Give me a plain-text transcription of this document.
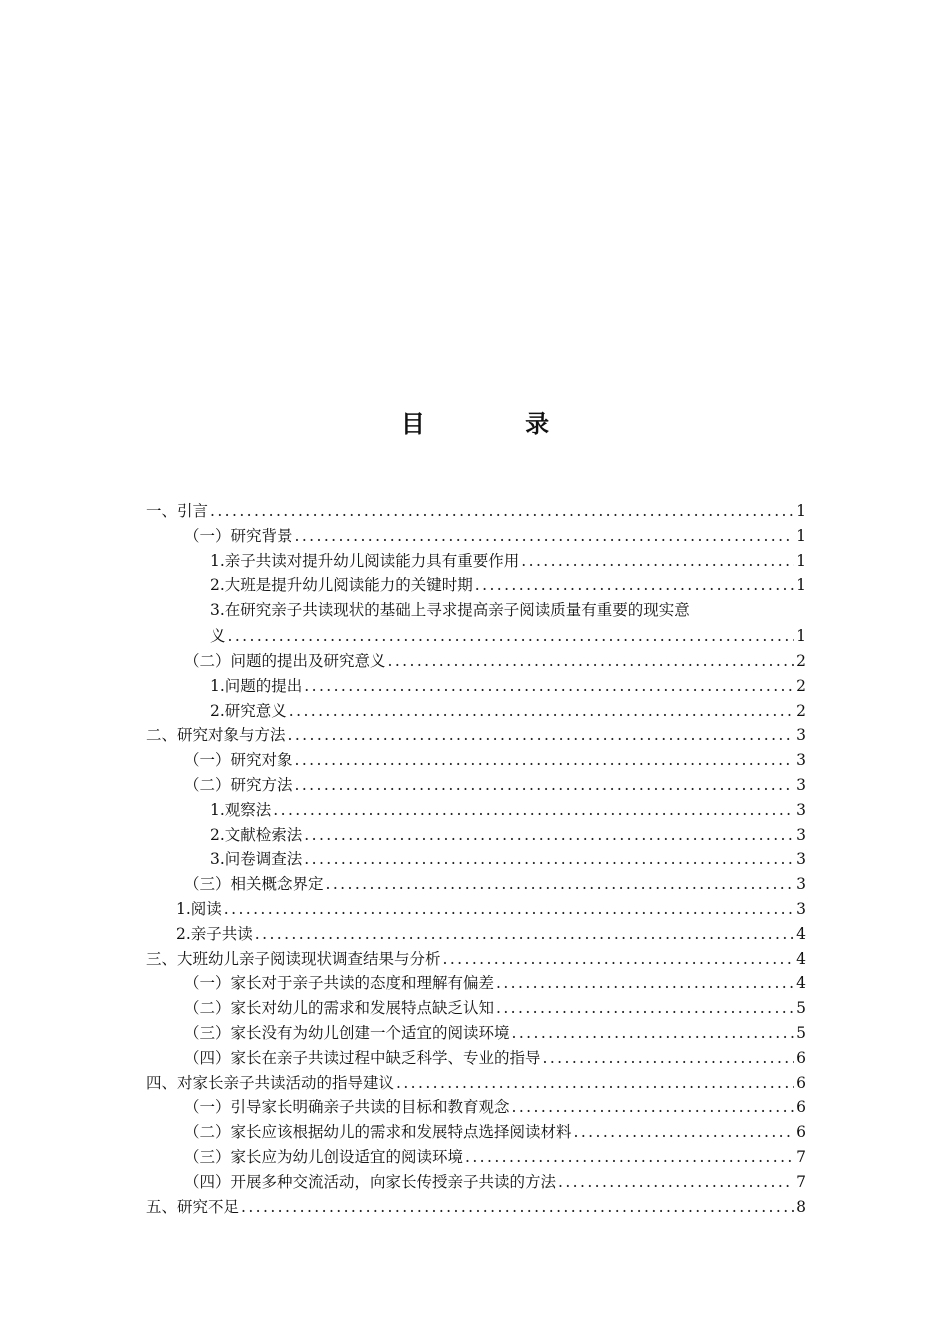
目 录
一、引言 .....	1
（一）研究背景 .....	1
1.亲子共读对提升幼儿阅读能力具有重要作用 .....	1
2.大班是提升幼儿阅读能力的关键时期 .....	1
3.在研究亲子共读现状的基础上寻求提高亲子阅读质量有重要的现实意
义 .....	1
（二）问题的提出及研究意义 .....	2
1.问题的提出 .....	2
2.研究意义 .....	2
二、研究对象与方法 .....	3
（一）研究对象 .....	3
（二）研究方法 .....	3
1.观察法 .....	3
2.文献检索法 .....	3
3.问卷调查法 .....	3
（三）相关概念界定 .....	3
1.阅读 .....	3
2.亲子共读 .....	4
三、大班幼儿亲子阅读现状调查结果与分析 .....	4
（一）家长对于亲子共读的态度和理解有偏差 .....	4
（二）家长对幼儿的需求和发展特点缺乏认知 .....	5
（三）家长没有为幼儿创建一个适宜的阅读环境 .....	5
（四）家长在亲子共读过程中缺乏科学、专业的指导 .....	6
四、对家长亲子共读活动的指导建议 .....	6
（一）引导家长明确亲子共读的目标和教育观念 .....	6
（二）家长应该根据幼儿的需求和发展特点选择阅读材料 .....	6
（三）家长应为幼儿创设适宜的阅读环境 .....	7
（四）开展多种交流活动，向家长传授亲子共读的方法 .....	7
五、研究不足 .....	8
